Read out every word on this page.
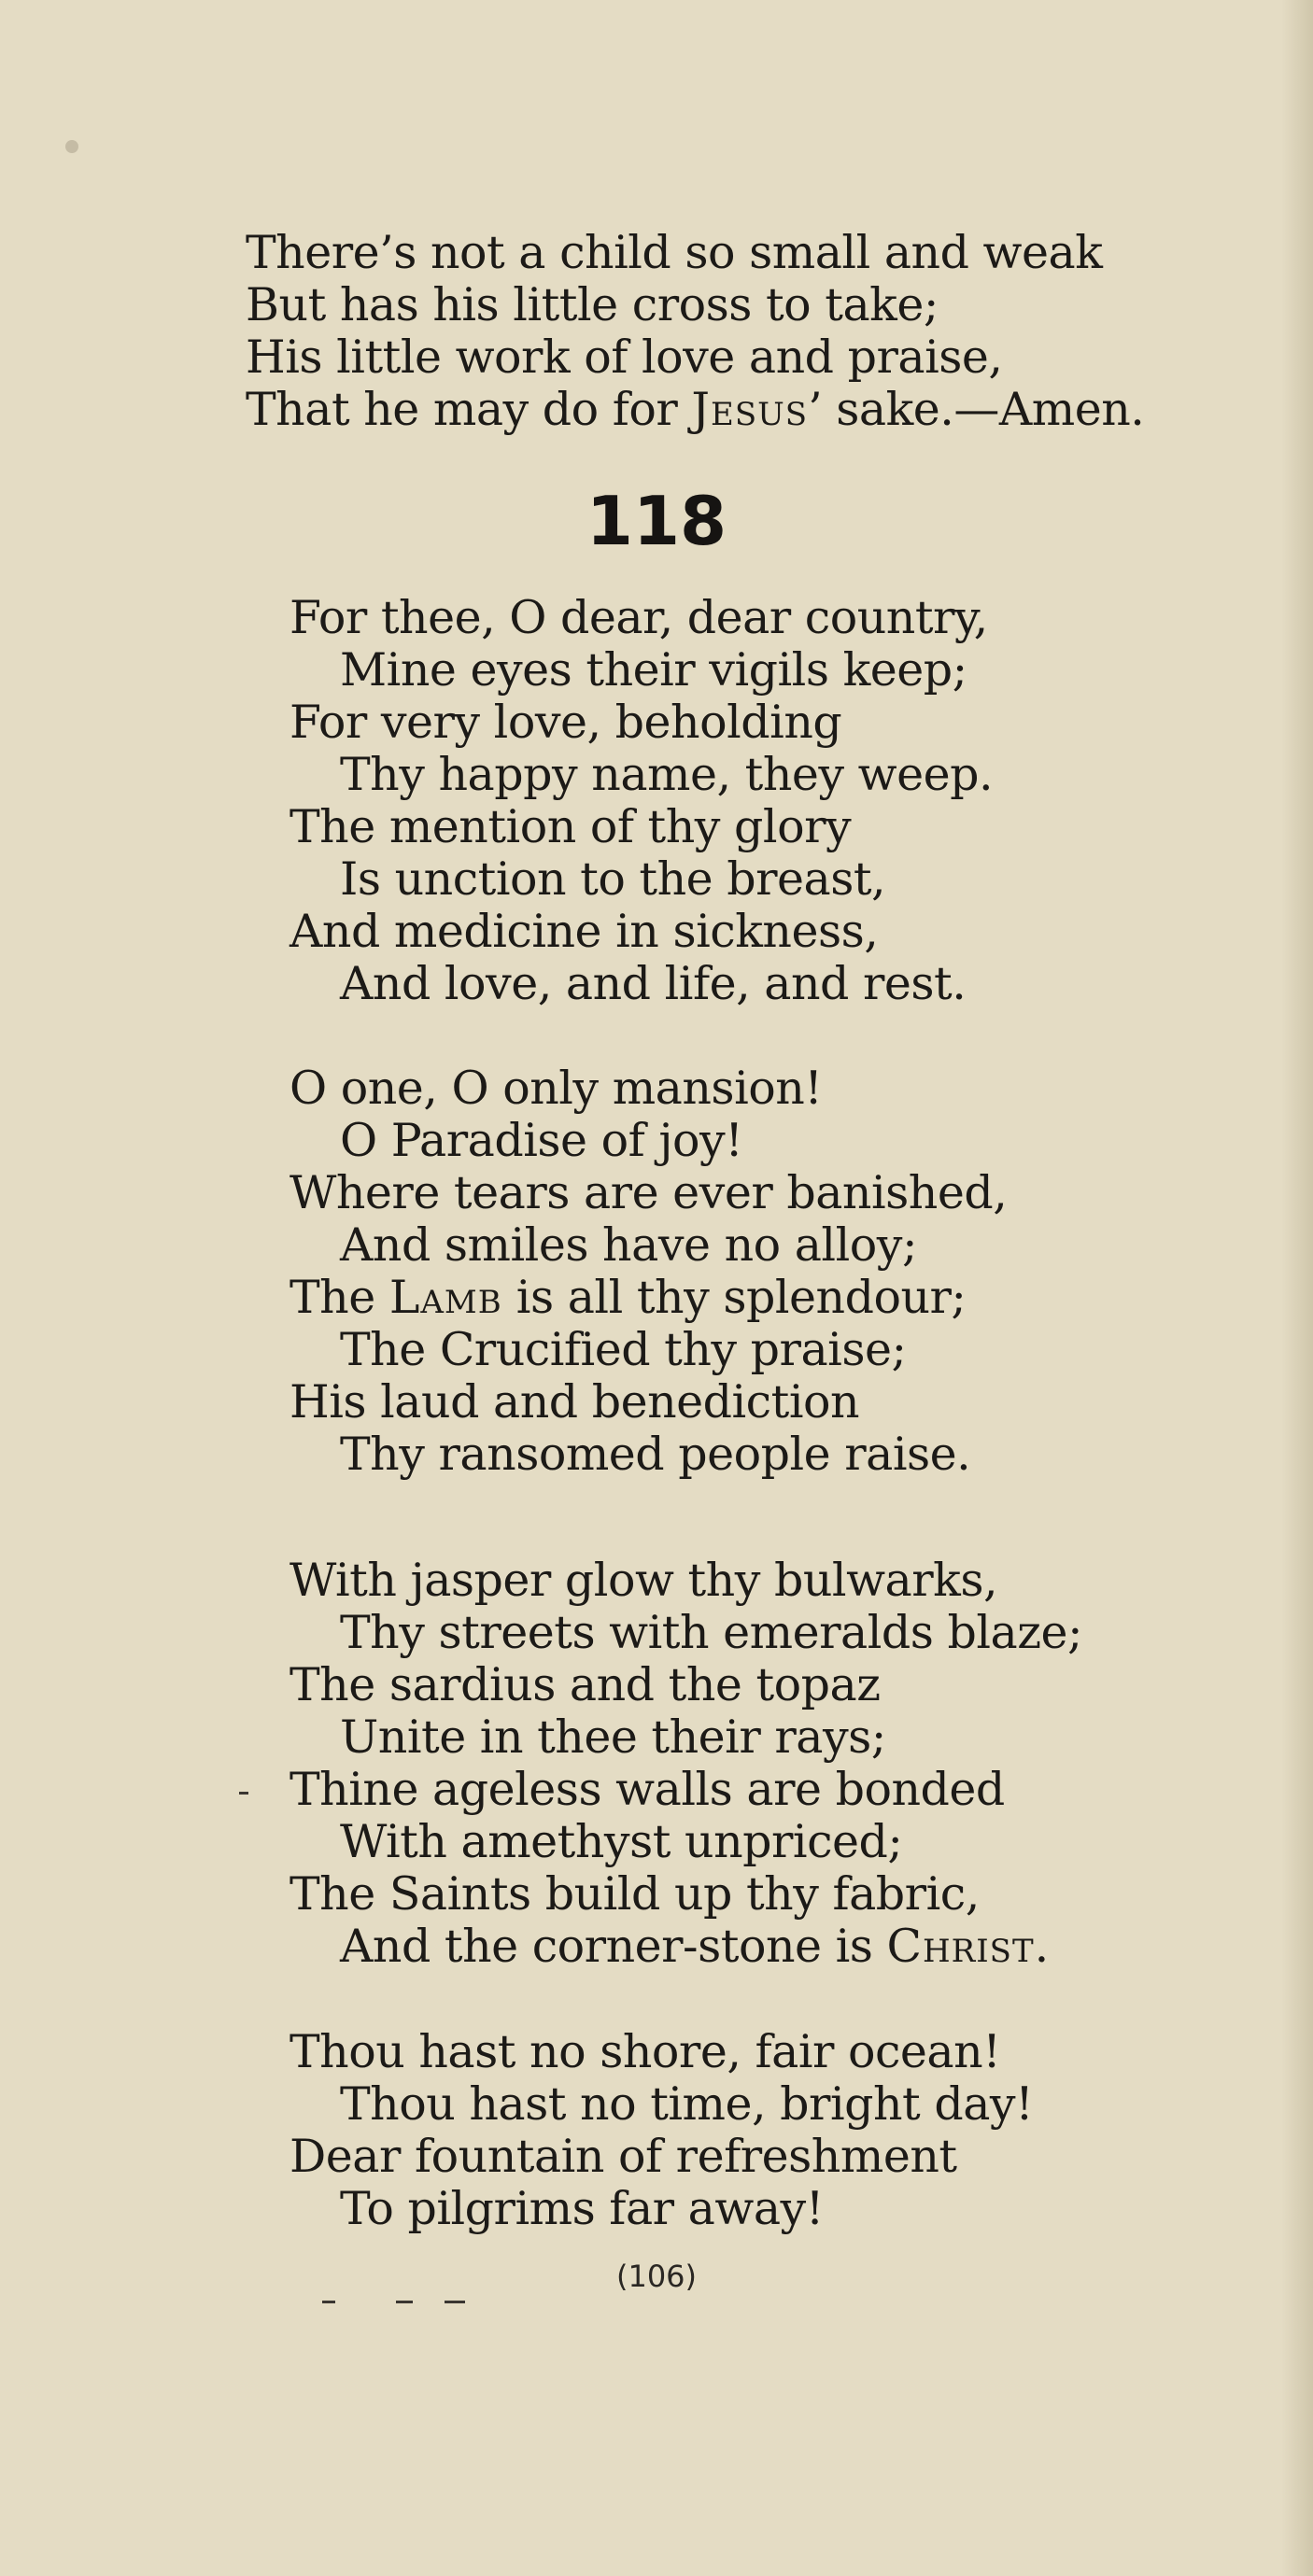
There’s not a child so small and weak
But has his little cross to take;
His little work of love and praise,
That he may do for Jesus’ sake.—Amen.
118
For thee, O dear, dear country,
Mine eyes their vigils keep;
For very love, beholding
Thy happy name, they weep.
The mention of thy glory
Is unction to the breast,
And medicine in sickness,
And love, and life, and rest.
O one, O only mansion!
O Paradise of joy!
Where tears are ever banished,
And smiles have no alloy;
The Lamb is all thy splendour;
The Crucified thy praise;
His laud and benediction
Thy ransomed people raise.
With jasper glow thy bulwarks,
Thy streets with emeralds blaze;
The sardius and the topaz
Unite in thee their rays;
Thine ageless walls are bonded
With amethyst unpriced;
The Saints build up thy fabric,
And the corner-stone is Christ.
Thou hast no shore, fair ocean!
Thou hast no time, bright day!
Dear fountain of refreshment
To pilgrims far away!
(106)
